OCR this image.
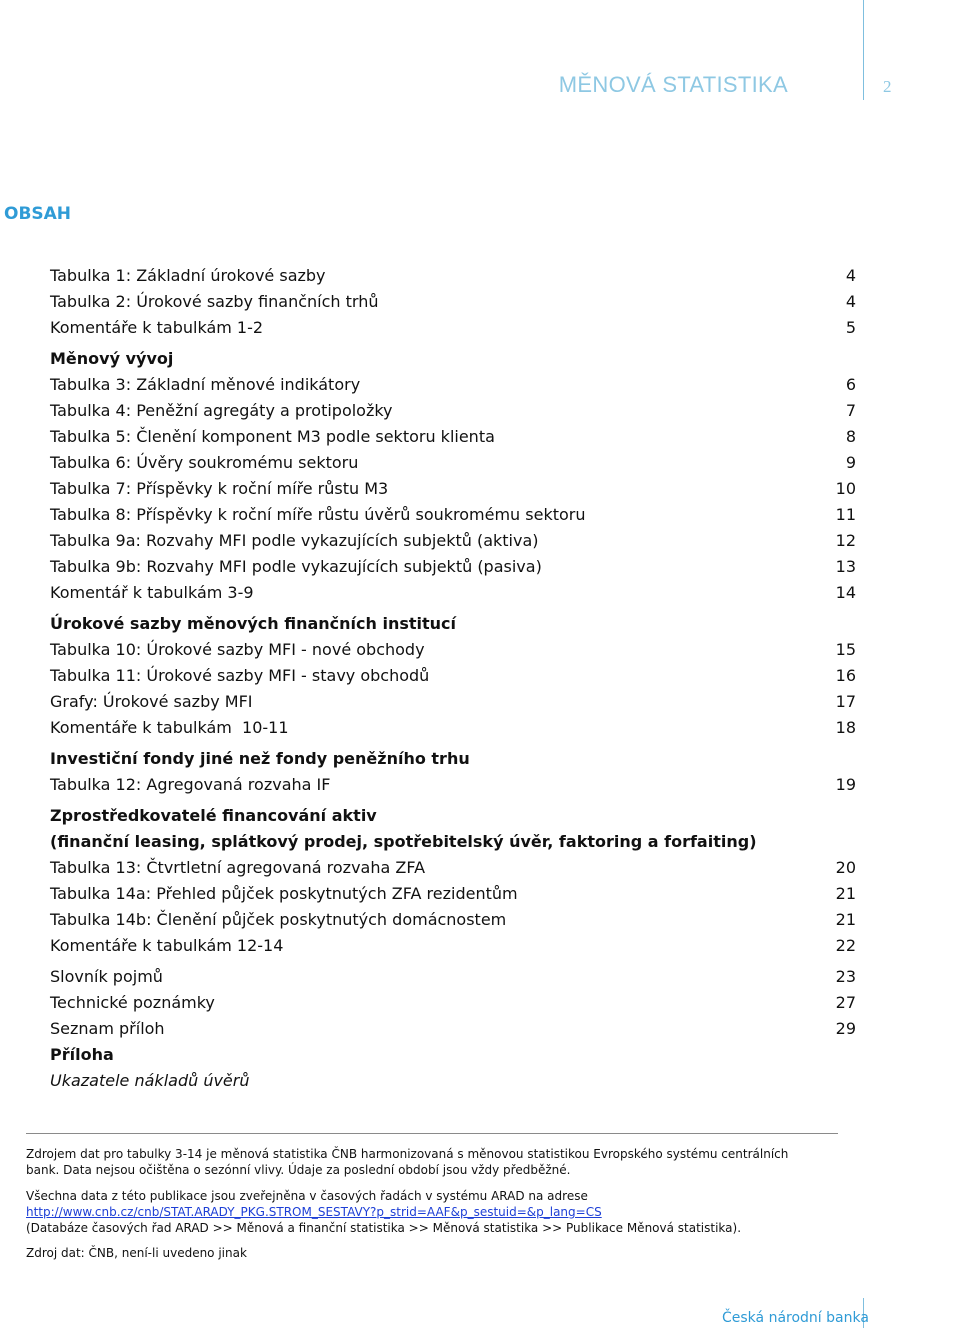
MĚNOVÁ STATISTIKA	2
OBSAH
Tabulka 1: Základní úrokové sazby	4
Tabulka 2: Úrokové sazby finančních trhů	4
Komentáře k tabulkám 1-2	5
Měnový vývoj
Tabulka 3: Základní měnové indikátory	6
Tabulka 4: Peněžní agregáty a protipoložky	7
Tabulka 5: Členění komponent M3 podle sektoru klienta	8
Tabulka 6: Úvěry soukromému sektoru	9
Tabulka 7: Příspěvky k roční míře růstu M3	10
Tabulka 8: Příspěvky k roční míře růstu úvěrů soukromému sektoru	11
Tabulka 9a: Rozvahy MFI podle vykazujících subjektů (aktiva)	12
Tabulka 9b: Rozvahy MFI podle vykazujících subjektů (pasiva)	13
Komentář k tabulkám 3-9	14
Úrokové sazby měnových finančních institucí
Tabulka 10: Úrokové sazby MFI - nové obchody	15
Tabulka 11: Úrokové sazby MFI - stavy obchodů	16
Grafy: Úrokové sazby MFI	17
Komentáře k tabulkám  10-11	18
Investiční fondy jiné než fondy peněžního trhu
Tabulka 12: Agregovaná rozvaha IF	19
Zprostředkovatelé financování aktiv
(finanční leasing, splátkový prodej, spotřebitelský úvěr, faktoring a forfaiting)
Tabulka 13: Čtvrtletní agregovaná rozvaha ZFA	20
Tabulka 14a: Přehled půjček poskytnutých ZFA rezidentům	21
Tabulka 14b: Členění půjček poskytnutých domácnostem	21
Komentáře k tabulkám 12-14	22
Slovník pojmů	23
Technické poznámky	27
Seznam příloh	29
Příloha
Ukazatele nákladů úvěrů
Zdrojem dat pro tabulky 3-14 je měnová statistika ČNB harmonizovaná s měnovou statistikou Evropského systému centrálních
bank. Data nejsou očištěna o sezónní vlivy. Údaje za poslední období jsou vždy předběžné.
Všechna data z této publikace jsou zveřejněna v časových řadách v systému ARAD na adrese
http://www.cnb.cz/cnb/STAT.ARADY_PKG.STROM_SESTAVY?p_strid=AAF&p_sestuid=&p_lang=CS
(Databáze časových řad ARAD >> Měnová a finanční statistika >> Měnová statistika >> Publikace Měnová statistika).
Zdroj dat: ČNB, není-li uvedeno jinak
Česká národní banka
